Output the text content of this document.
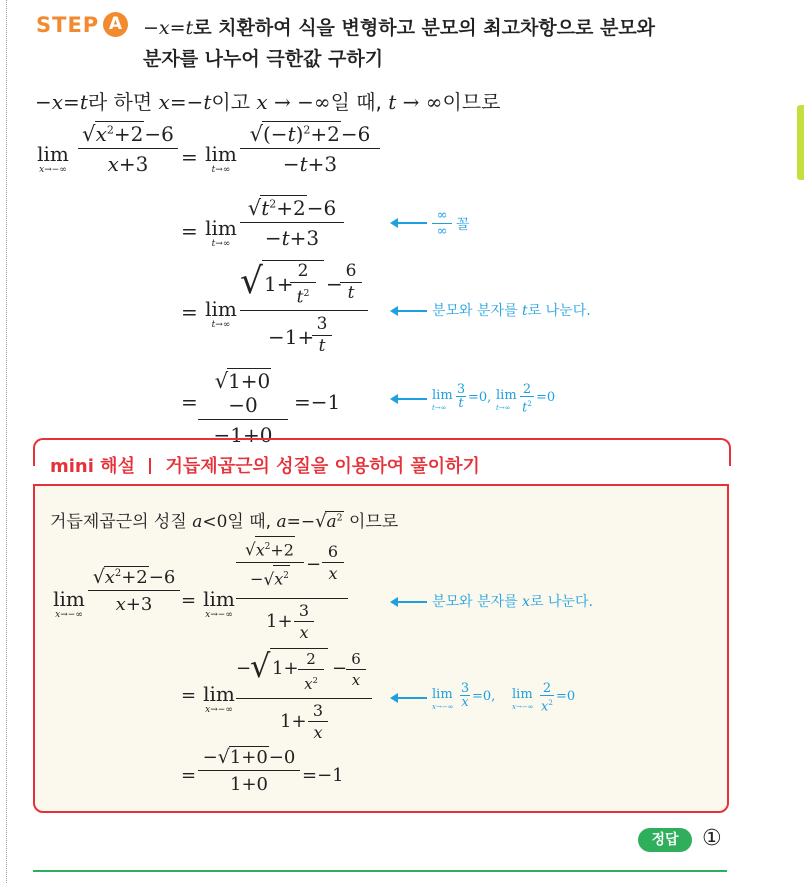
STEP A	−x=t로 치환하여 식을 변형하고 분모의 최고차항으로 분모와
분자를 나누어 극한값 구하기
−x=t라 하면 x=−t이고 x → −∞일 때, t → ∞이므로
lim
x→−∞
$√x^2+2-6$
x+3	= lim
t→∞
$√(-t)^2+2-6$
−t+3
= lim
t→∞
$√t^2+2-6$
−t+3
∞
∞ 꼴
= lim
t→∞
√ 1+
2
$t^2$ −
6
t
−1+
3
t
분모와 분자를 t로 나눈다.
=
√1+0−0
−1+0
=−1	lim
t→∞
3
t =0, lim
t→∞
2
$t^2 =0$
mini 해설 거듭제곱근의 성질을 이용하여 풀이하기
거듭제곱근의 성질 a<0일 때, $a=-√a^2$ 이므로
lim
x→−∞
$√x^2+2-6$
x+3	= lim
x→−∞
$√x^2+2$
$-√x^2$
−
6
x
1+
3
x
분모와 분자를 x로 나눈다.
= lim
x→−∞
−
√ 1+ 2
$x^2$
− 6
x
1+
3
x
lim
x→−∞
3
x =0, lim
x→−∞
2
$x^2 =0$
=
−√1+0−0
1+0	=−1
정답	①
